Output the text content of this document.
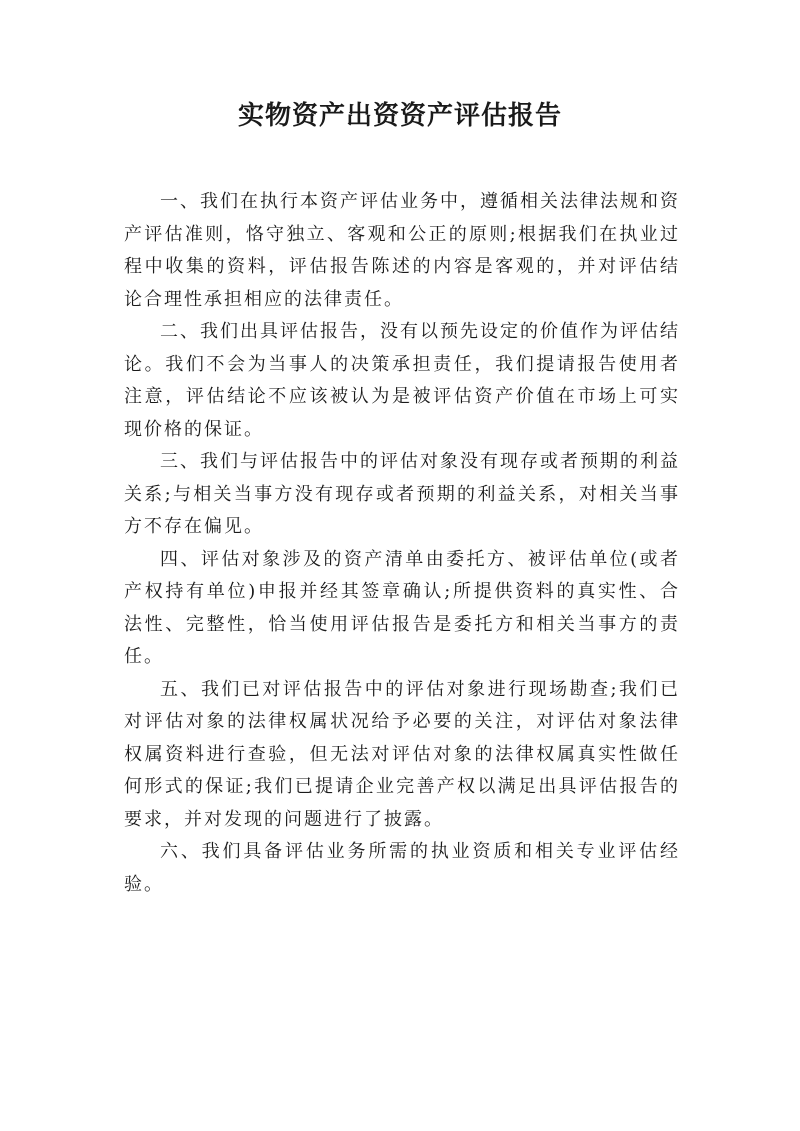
实物资产出资资产评估报告

一、我们在执行本资产评估业务中，遵循相关法律法规和资产评估准则，恪守独立、客观和公正的原则;根据我们在执业过程中收集的资料，评估报告陈述的内容是客观的，并对评估结论合理性承担相应的法律责任。

二、我们出具评估报告，没有以预先设定的价值作为评估结论。我们不会为当事人的决策承担责任，我们提请报告使用者注意，评估结论不应该被认为是被评估资产价值在市场上可实现价格的保证。

三、我们与评估报告中的评估对象没有现存或者预期的利益关系;与相关当事方没有现存或者预期的利益关系，对相关当事方不存在偏见。

四、评估对象涉及的资产清单由委托方、被评估单位(或者产权持有单位)申报并经其签章确认;所提供资料的真实性、合法性、完整性，恰当使用评估报告是委托方和相关当事方的责任。

五、我们已对评估报告中的评估对象进行现场勘查;我们已对评估对象的法律权属状况给予必要的关注，对评估对象法律权属资料进行查验，但无法对评估对象的法律权属真实性做任何形式的保证;我们已提请企业完善产权以满足出具评估报告的要求，并对发现的问题进行了披露。

六、我们具备评估业务所需的执业资质和相关专业评估经验。
